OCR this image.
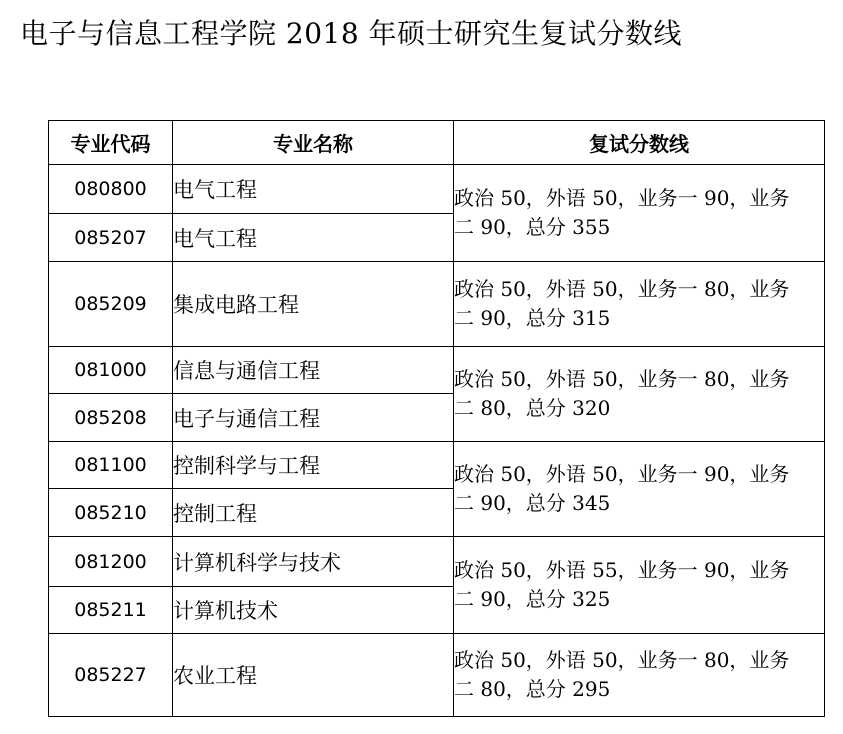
电子与信息工程学院 2018 年硕士研究生复试分数线
专业代码	专业名称	复试分数线
080800	电气工程	政治 50，外语 50，业务一 90，业务
二 90，总分 355

085207	电气工程	
085209	集成电路工程	政治 50，外语 50，业务一 80，业务
二 90，总分 315

081000	信息与通信工程	政治 50，外语 50，业务一 80，业务
二 80，总分 320

085208	电子与通信工程	
081100	控制科学与工程	政治 50，外语 50，业务一 90，业务
二 90，总分 345

085210	控制工程	
081200	计算机科学与技术	政治 50，外语 55，业务一 90，业务
二 90，总分 325

085211	计算机技术	
085227	农业工程	政治 50，外语 50，业务一 80，业务
二 80，总分 295
